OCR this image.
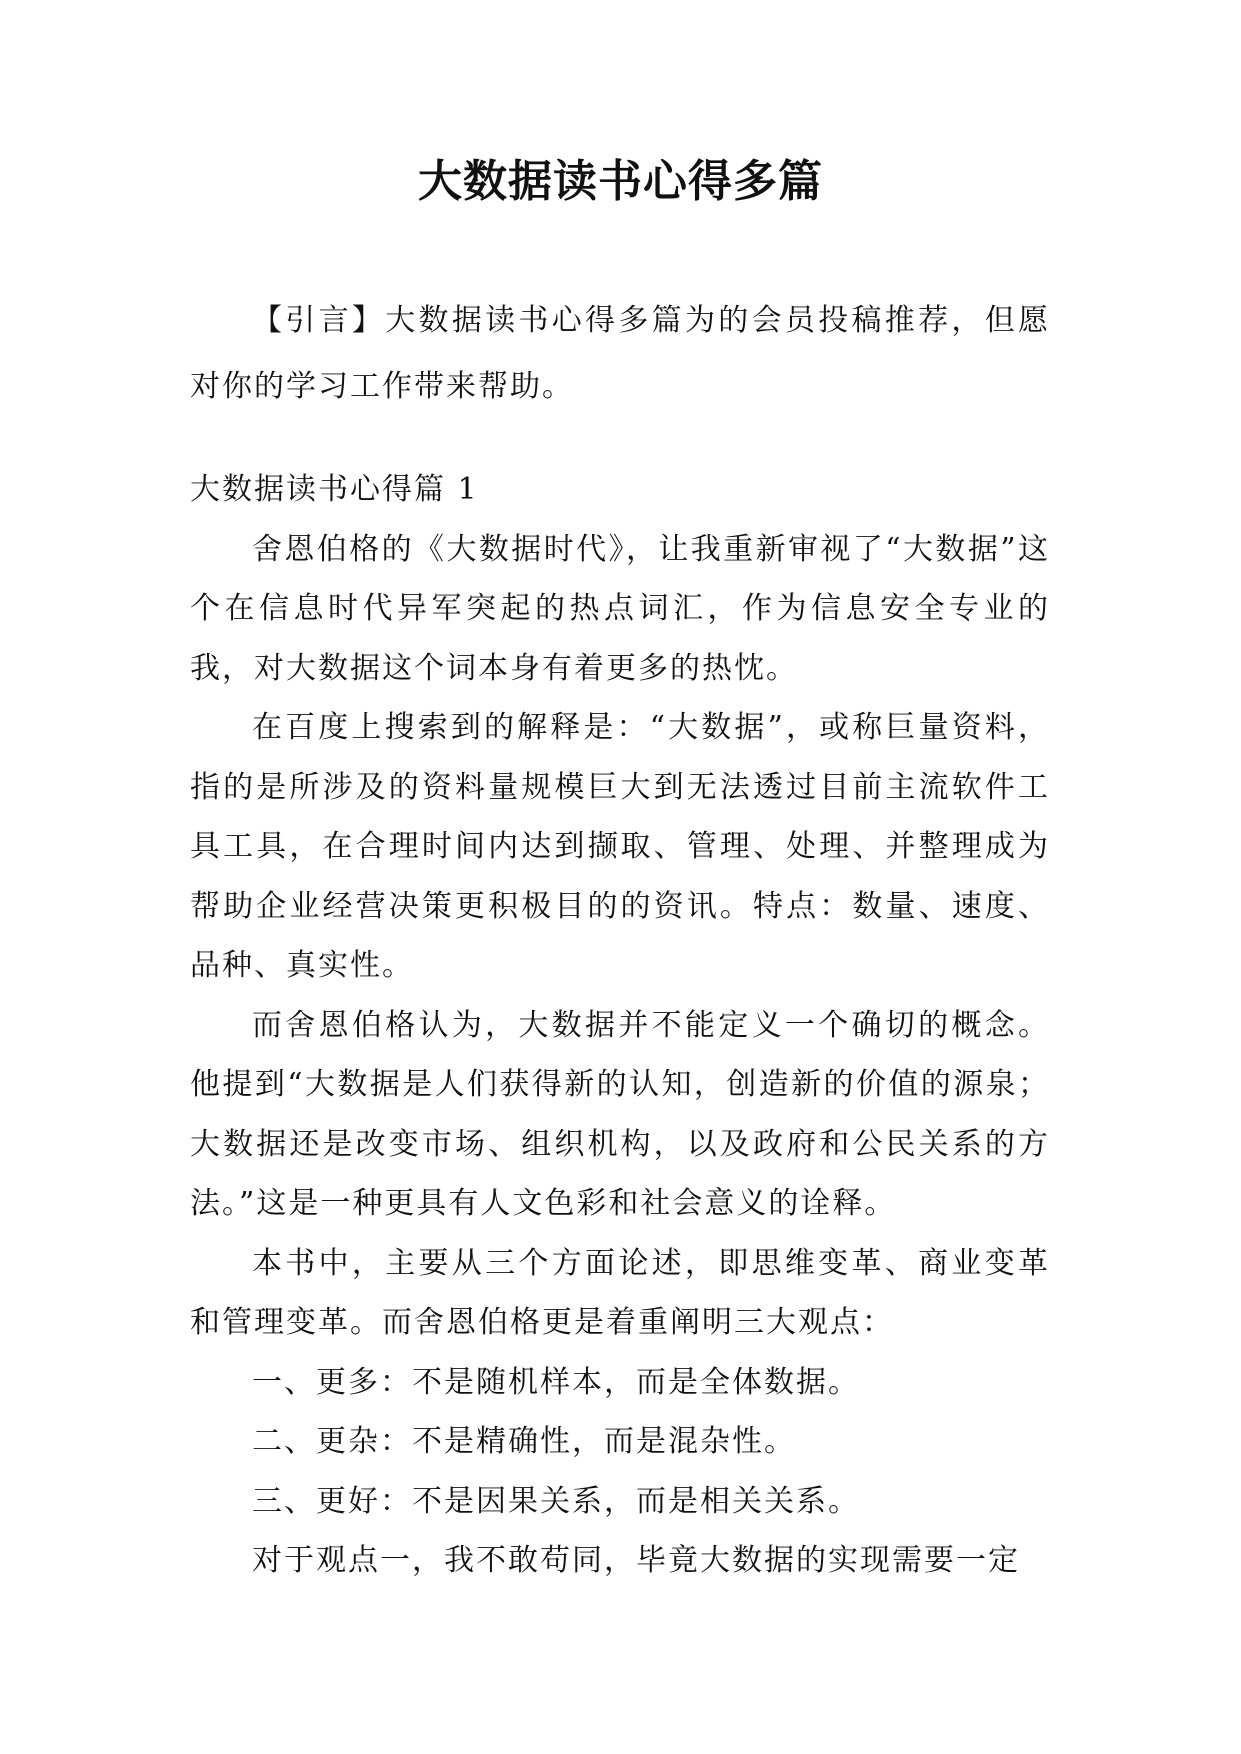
大数据读书心得多篇

【引言】大数据读书心得多篇为的会员投稿推荐，但愿对你的学习工作带来帮助。

大数据读书心得篇 1

舍恩伯格的《大数据时代》，让我重新审视了“大数据”这个在信息时代异军突起的热点词汇，作为信息安全专业的我，对大数据这个词本身有着更多的热忱。

在百度上搜索到的解释是：“大数据”，或称巨量资料，指的是所涉及的资料量规模巨大到无法透过目前主流软件工具工具，在合理时间内达到撷取、管理、处理、并整理成为帮助企业经营决策更积极目的的资讯。特点：数量、速度、品种、真实性。

而舍恩伯格认为，大数据并不能定义一个确切的概念。他提到“大数据是人们获得新的认知，创造新的价值的源泉；大数据还是改变市场、组织机构，以及政府和公民关系的方法。”这是一种更具有人文色彩和社会意义的诠释。

本书中，主要从三个方面论述，即思维变革、商业变革和管理变革。而舍恩伯格更是着重阐明三大观点：

一、更多：不是随机样本，而是全体数据。

二、更杂：不是精确性，而是混杂性。

三、更好：不是因果关系，而是相关关系。

对于观点一，我不敢苟同，毕竟大数据的实现需要一定
